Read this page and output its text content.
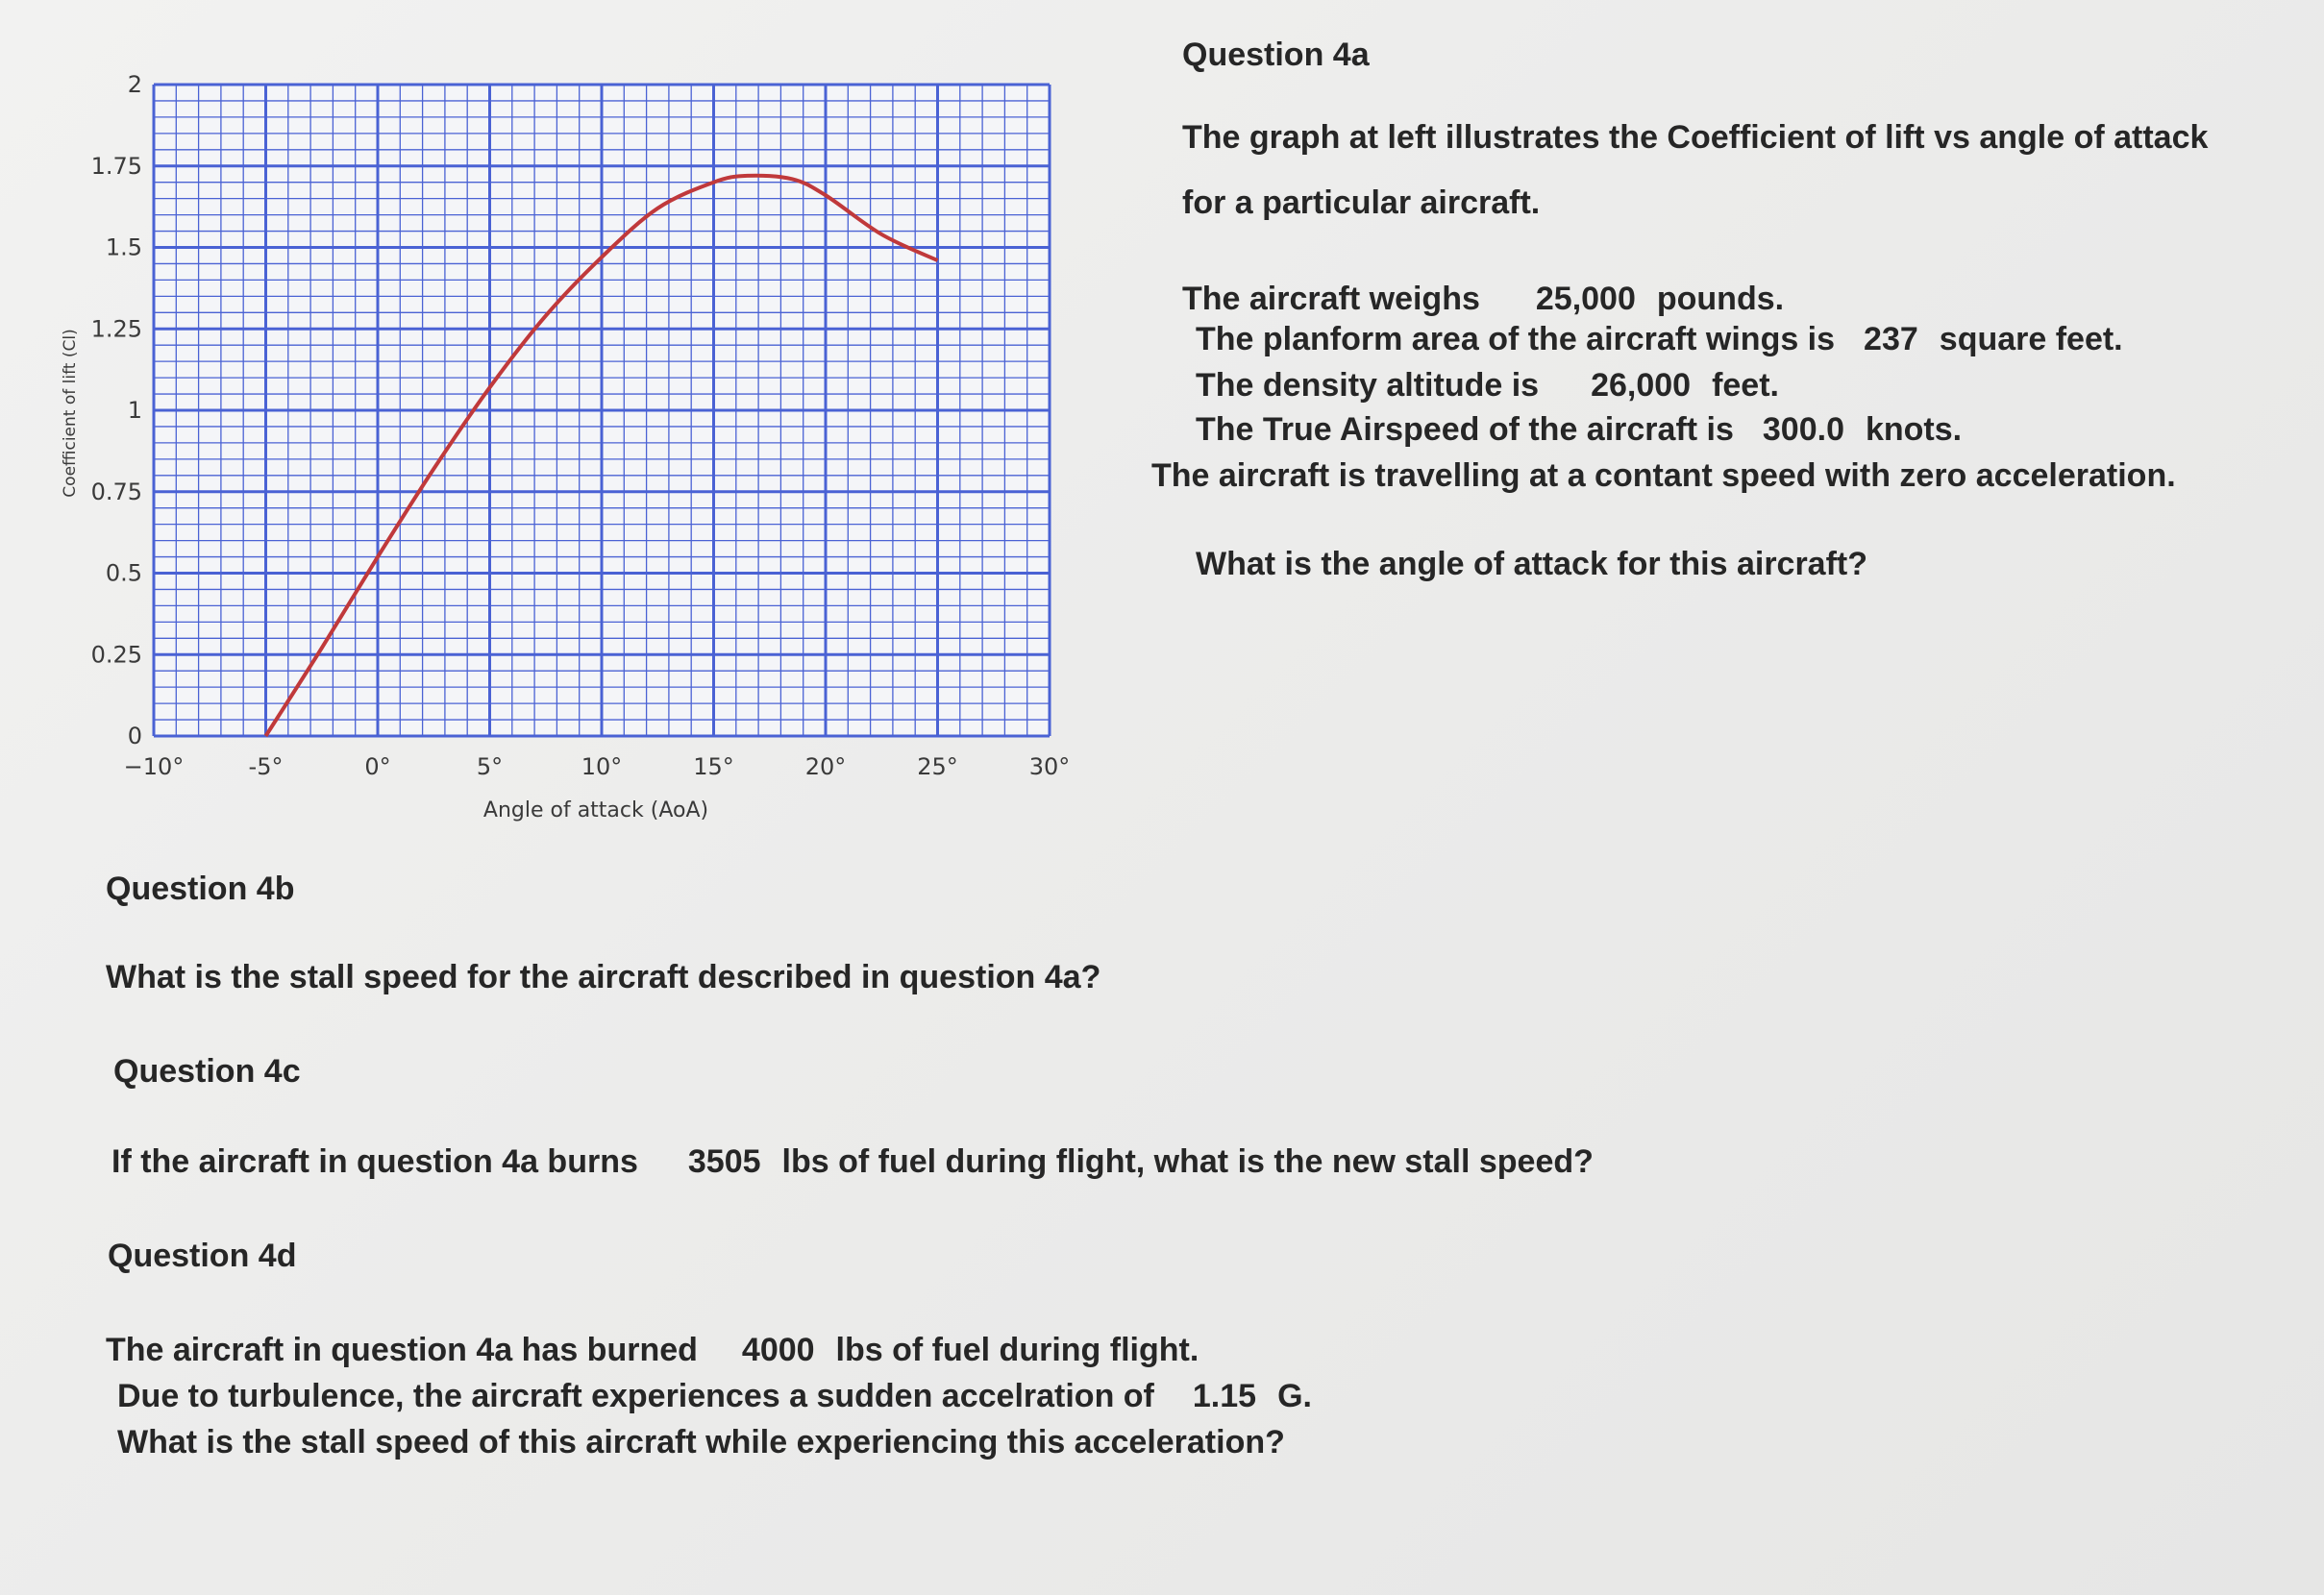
−10°	-5°	0°	5°	10°	15°	20°	25°	30°
0
0.25
0.5
0.75
1
1.25
1.5
1.75
2
Angle of attack (AoA)
Coefficient of lift (Cl)
Question 4a
The graph at left illustrates the Coefficient of lift vs angle of attack
for a particular aircraft.
The aircraft weighs 25,000 pounds.
The planform area of the aircraft wings is 237 square feet.
The density altitude is 26,000 feet.
The True Airspeed of the aircraft is 300.0 knots.
The aircraft is travelling at a contant speed with zero acceleration.
What is the angle of attack for this aircraft?
Question 4b
What is the stall speed for the aircraft described in question 4a?
Question 4c
If the aircraft in question 4a burns 3505 lbs of fuel during flight, what is the new stall speed?
Question 4d
The aircraft in question 4a has burned 4000 lbs of fuel during flight.
Due to turbulence, the aircraft experiences a sudden accelration of 1.15 G.
What is the stall speed of this aircraft while experiencing this acceleration?
